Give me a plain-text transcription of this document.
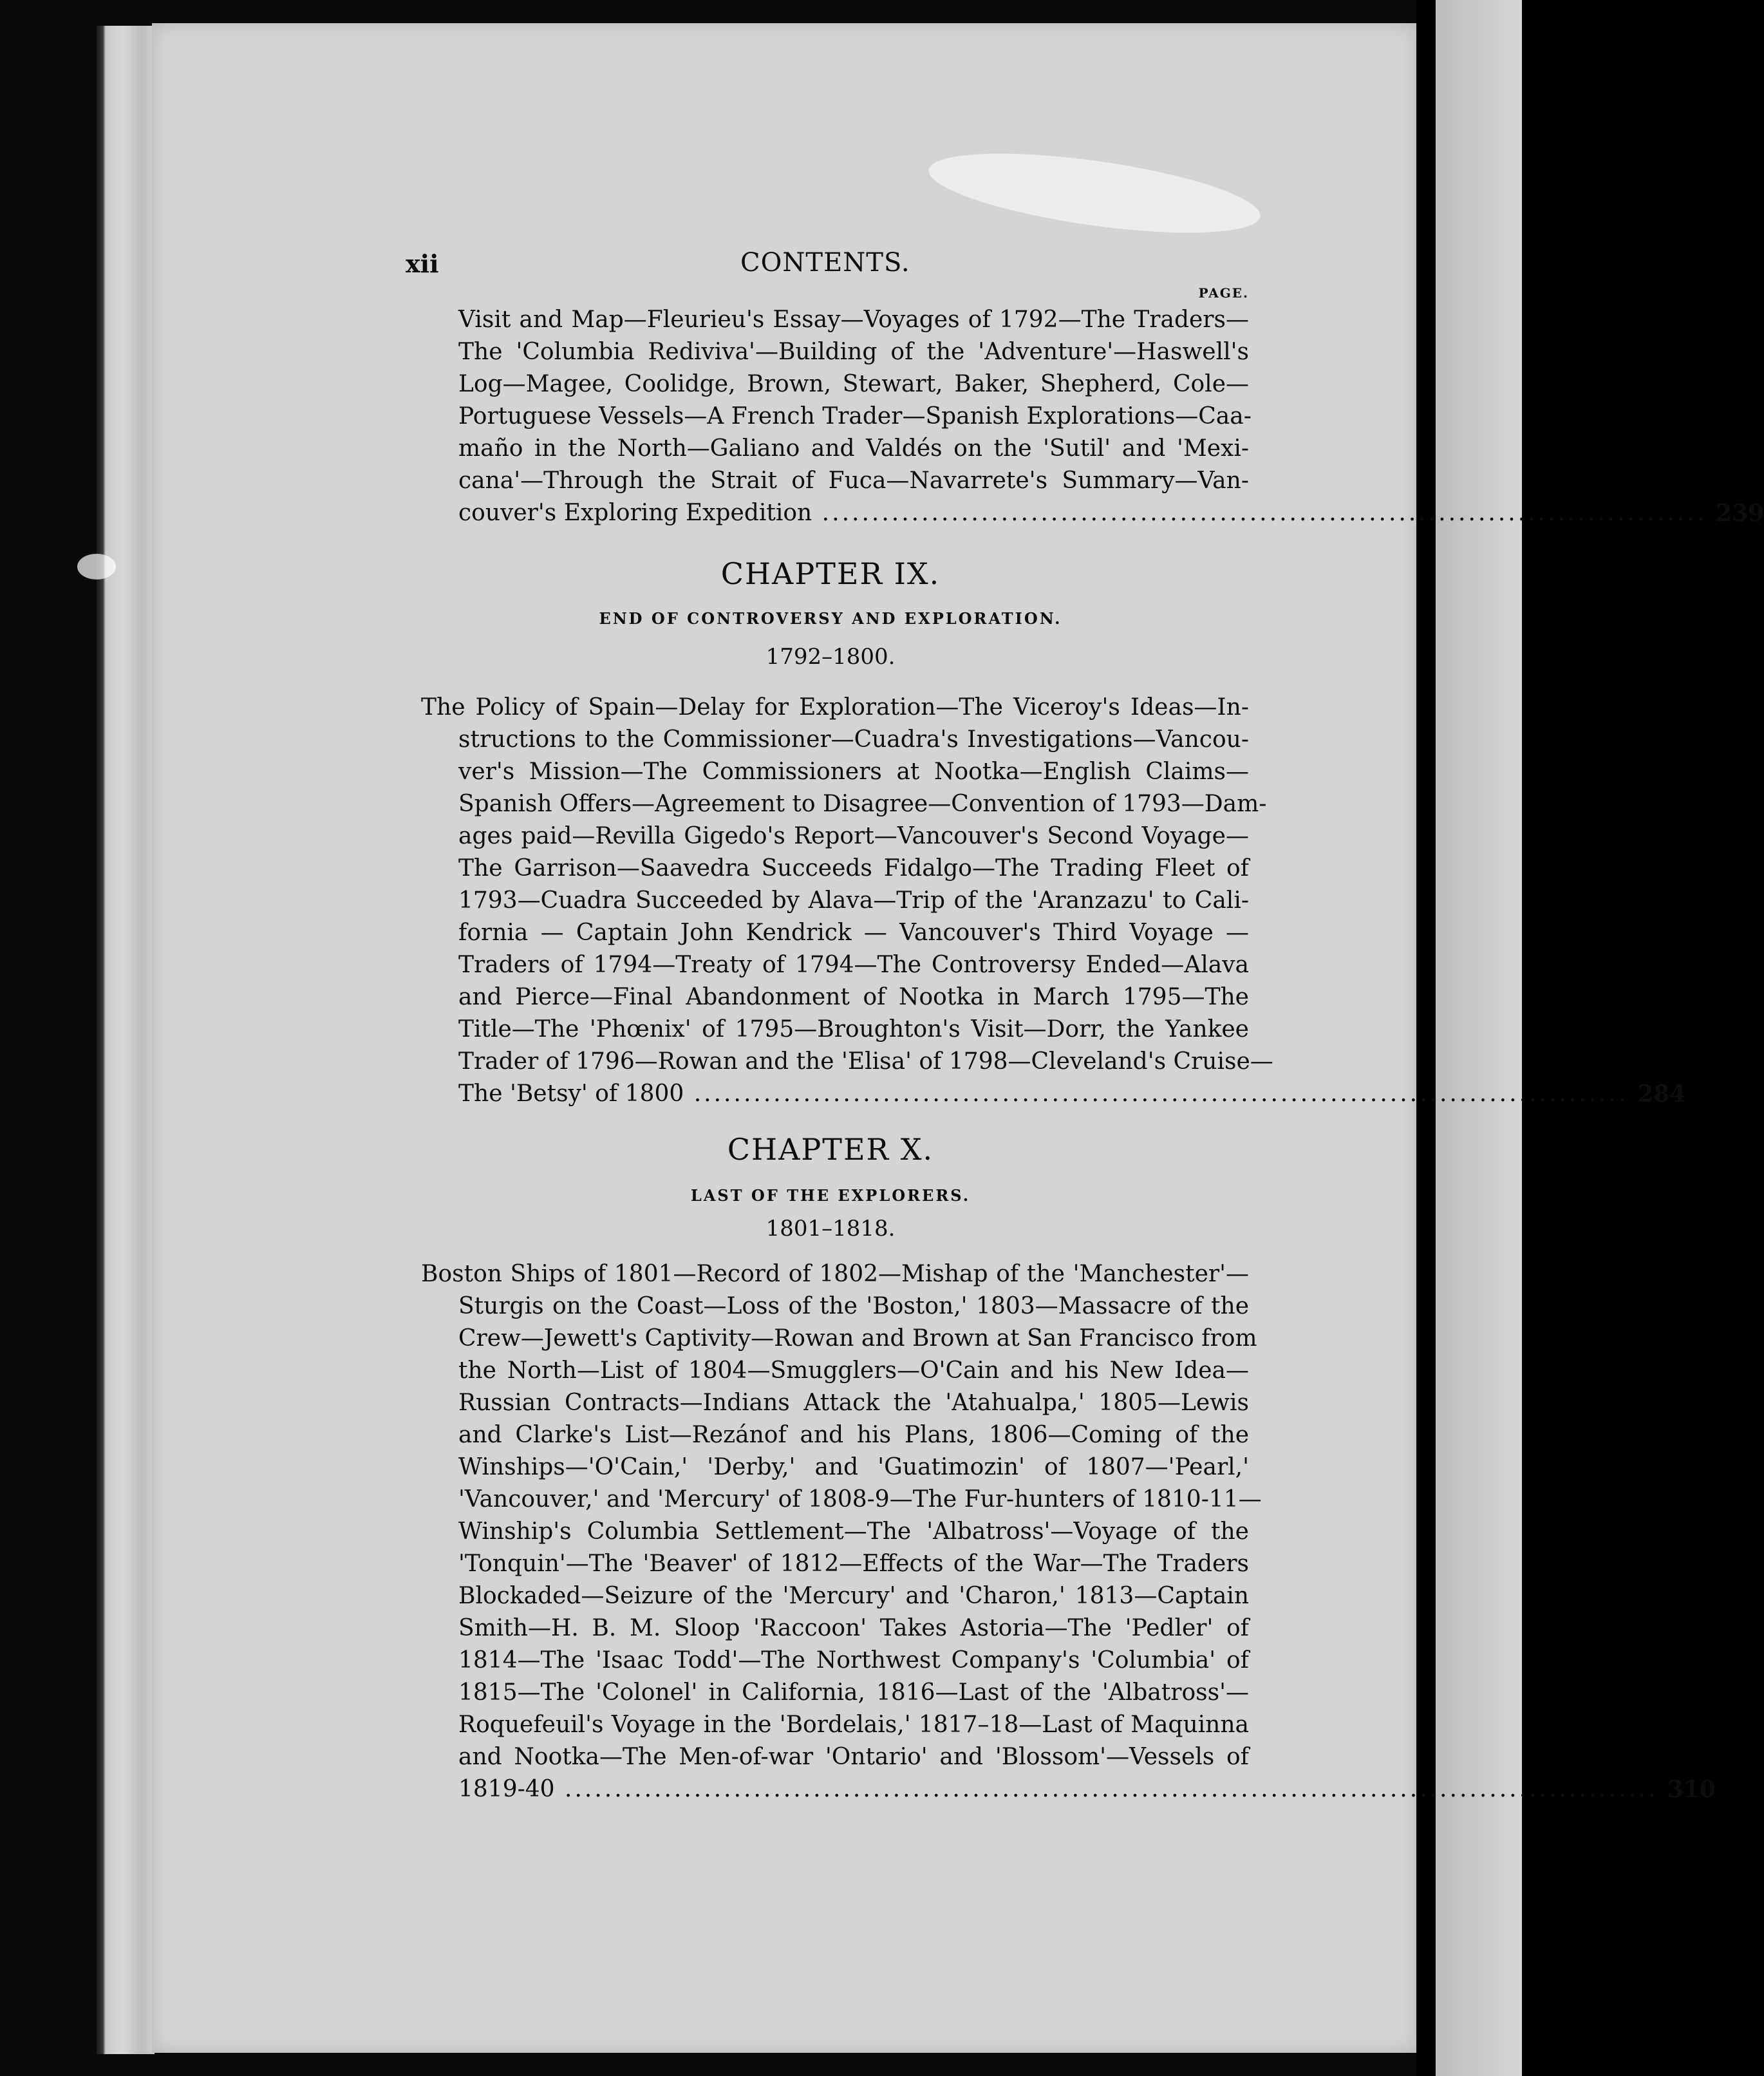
xii	CONTENTS.
PAGE.
Visit and Map—Fleurieu's Essay—Voyages of 1792—The Traders—
The 'Columbia Rediviva'—Building of the 'Adventure'—Haswell's
Log—Magee, Coolidge, Brown, Stewart, Baker, Shepherd, Cole—
Portuguese Vessels—A French Trader—Spanish Explorations—Caa-
maño in the North—Galiano and Valdés on the 'Sutil' and 'Mexi-
cana'—Through the Strait of Fuca—Navarrete's Summary—Van-
couver's Exploring Expedition ......................................................................................... 239
CHAPTER IX.
END OF CONTROVERSY AND EXPLORATION.
1792–1800.
The Policy of Spain—Delay for Exploration—The Viceroy's Ideas—In-
structions to the Commissioner—Cuadra's Investigations—Vancou-
ver's Mission—The Commissioners at Nootka—English Claims—
Spanish Offers—Agreement to Disagree—Convention of 1793—Dam-
ages paid—Revilla Gigedo's Report—Vancouver's Second Voyage—
The Garrison—Saavedra Succeeds Fidalgo—The Trading Fleet of
1793—Cuadra Succeeded by Alava—Trip of the 'Aranzazu' to Cali-
fornia — Captain John Kendrick — Vancouver's Third Voyage —
Traders of 1794—Treaty of 1794—The Controversy Ended—Alava
and Pierce—Final Abandonment of Nootka in March 1795—The
Title—The 'Phœnix' of 1795—Broughton's Visit—Dorr, the Yankee
Trader of 1796—Rowan and the 'Elisa' of 1798—Cleveland's Cruise—
The 'Betsy' of 1800 .............................................................................................. 284
CHAPTER X.
LAST OF THE EXPLORERS.
1801–1818.
Boston Ships of 1801—Record of 1802—Mishap of the 'Manchester'—
Sturgis on the Coast—Loss of the 'Boston,' 1803—Massacre of the
Crew—Jewett's Captivity—Rowan and Brown at San Francisco from
the North—List of 1804—Smugglers—O'Cain and his New Idea—
Russian Contracts—Indians Attack the 'Atahualpa,' 1805—Lewis
and Clarke's List—Rezánof and his Plans, 1806—Coming of the
Winships—'O'Cain,' 'Derby,' and 'Guatimozin' of 1807—'Pearl,'
'Vancouver,' and 'Mercury' of 1808-9—The Fur-hunters of 1810-11—
Winship's Columbia Settlement—The 'Albatross'—Voyage of the
'Tonquin'—The 'Beaver' of 1812—Effects of the War—The Traders
Blockaded—Seizure of the 'Mercury' and 'Charon,' 1813—Captain
Smith—H. B. M. Sloop 'Raccoon' Takes Astoria—The 'Pedler' of
1814—The 'Isaac Todd'—The Northwest Company's 'Columbia' of
1815—The 'Colonel' in California, 1816—Last of the 'Albatross'—
Roquefeuil's Voyage in the 'Bordelais,' 1817–18—Last of Maquinna
and Nootka—The Men-of-war 'Ontario' and 'Blossom'—Vessels of
1819-40 .............................................................................................................. 310
